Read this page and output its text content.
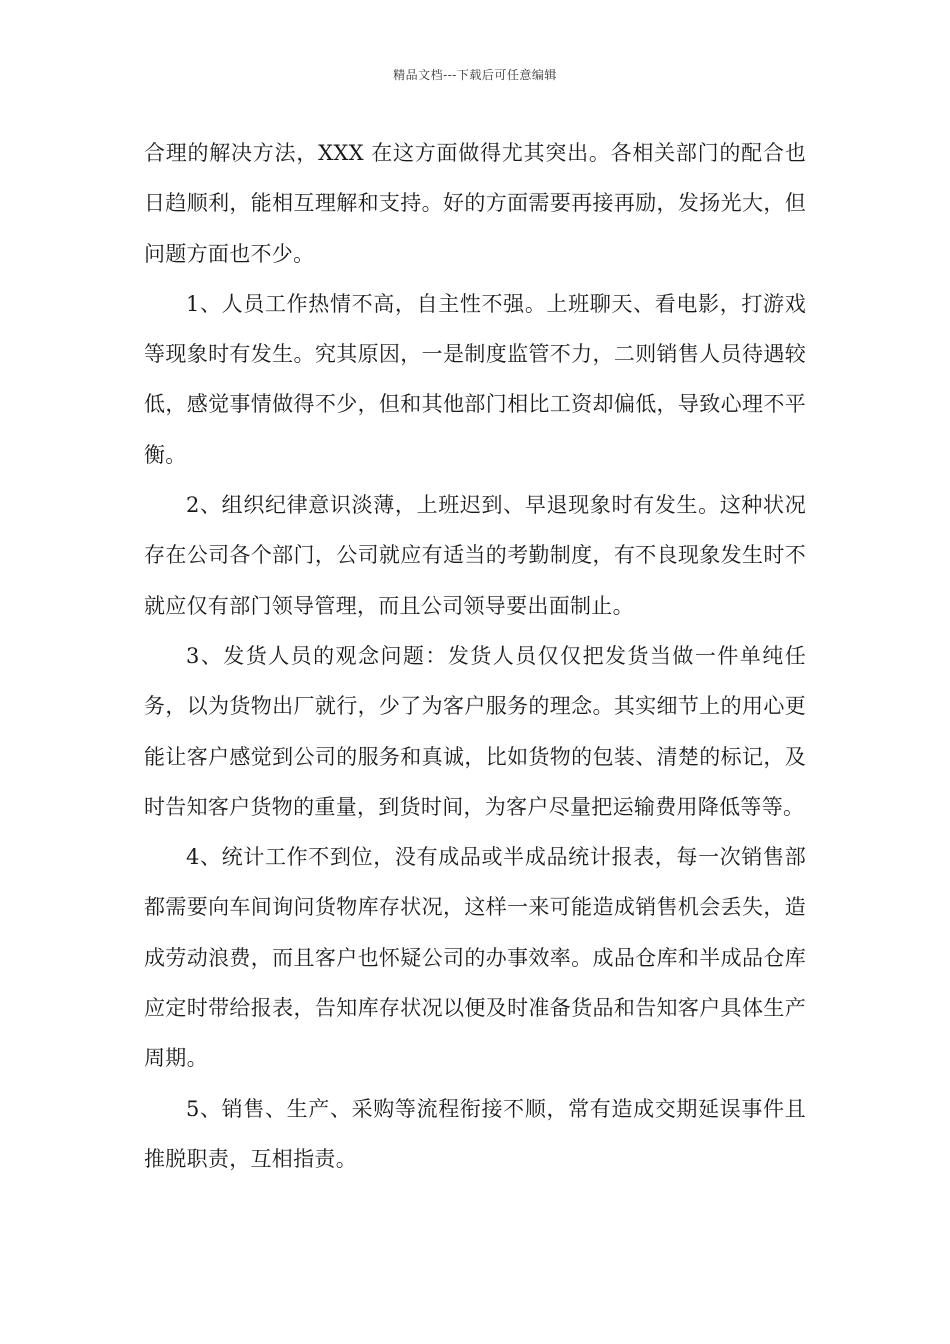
精品文档---下载后可任意编辑

合理的解决方法，XXX 在这方面做得尤其突出。各相关部门的配合也日趋顺利，能相互理解和支持。好的方面需要再接再励，发扬光大，但问题方面也不少。

1、人员工作热情不高，自主性不强。上班聊天、看电影，打游戏等现象时有发生。究其原因，一是制度监管不力，二则销售人员待遇较低，感觉事情做得不少，但和其他部门相比工资却偏低，导致心理不平衡。

2、组织纪律意识淡薄，上班迟到、早退现象时有发生。这种状况存在公司各个部门，公司就应有适当的考勤制度，有不良现象发生时不就应仅有部门领导管理，而且公司领导要出面制止。

3、发货人员的观念问题：发货人员仅仅把发货当做一件单纯任务，以为货物出厂就行，少了为客户服务的理念。其实细节上的用心更能让客户感觉到公司的服务和真诚，比如货物的包装、清楚的标记，及时告知客户货物的重量，到货时间，为客户尽量把运输费用降低等等。

4、统计工作不到位，没有成品或半成品统计报表，每一次销售部都需要向车间询问货物库存状况，这样一来可能造成销售机会丢失，造成劳动浪费，而且客户也怀疑公司的办事效率。成品仓库和半成品仓库应定时带给报表，告知库存状况以便及时准备货品和告知客户具体生产周期。

5、销售、生产、采购等流程衔接不顺，常有造成交期延误事件且推脱职责，互相指责。
